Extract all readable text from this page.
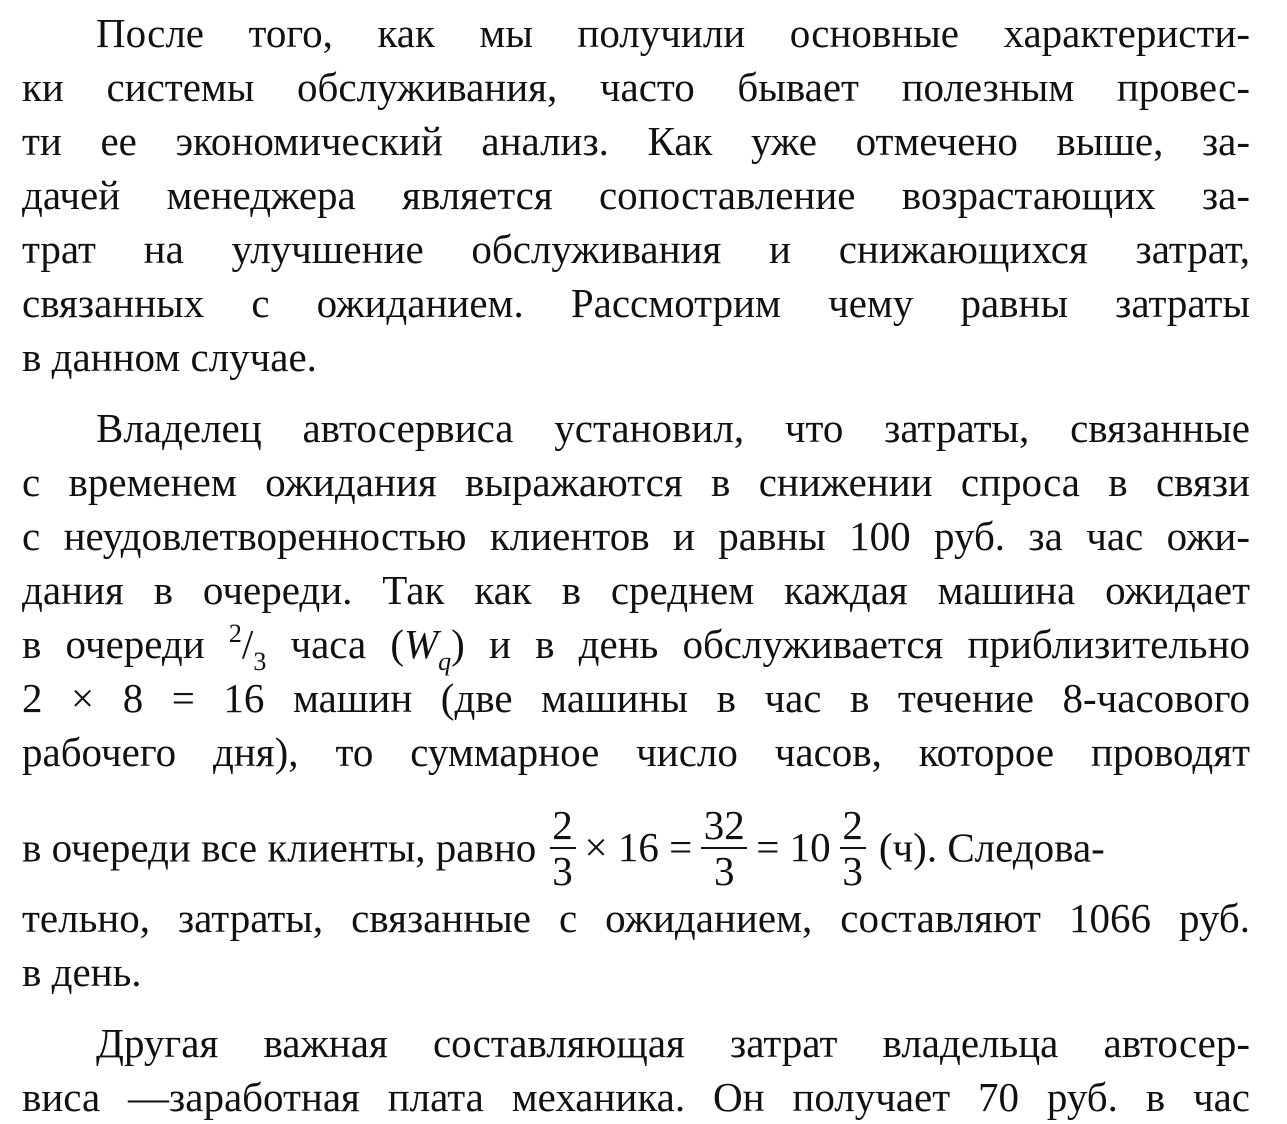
После того, как мы получили основные характеристи-
ки системы обслуживания, часто бывает полезным провес-
ти ее экономический анализ. Как уже отмечено выше, за-
дачей менеджера является сопоставление возрастающих за-
трат на улучшение обслуживания и снижающихся затрат,
связанных с ожиданием. Рассмотрим чему равны затраты
в данном случае.
Владелец автосервиса установил, что затраты, связанные
с временем ожидания выражаются в снижении спроса в связи
с неудовлетворенностью клиентов и равны 100 руб. за час ожи-
дания в очереди. Так как в среднем каждая машина ожидает
в очереди $^2/_3$ часа $(W_q)$ и в день обслуживается приблизительно
2 × 8 = 16 машин (две машины в час в течение 8-часового
рабочего дня), то суммарное число часов, которое проводят
в очереди все клиенты, равно $\frac{2}{3} \times 16 = \frac{32}{3} = 10 \frac{2}{3} (ч)$. Следова-
тельно, затраты, связанные с ожиданием, составляют 1066 руб.
в день.
Другая важная составляющая затрат владельца автосер-
виса —заработная плата механика. Он получает 70 руб. в час
